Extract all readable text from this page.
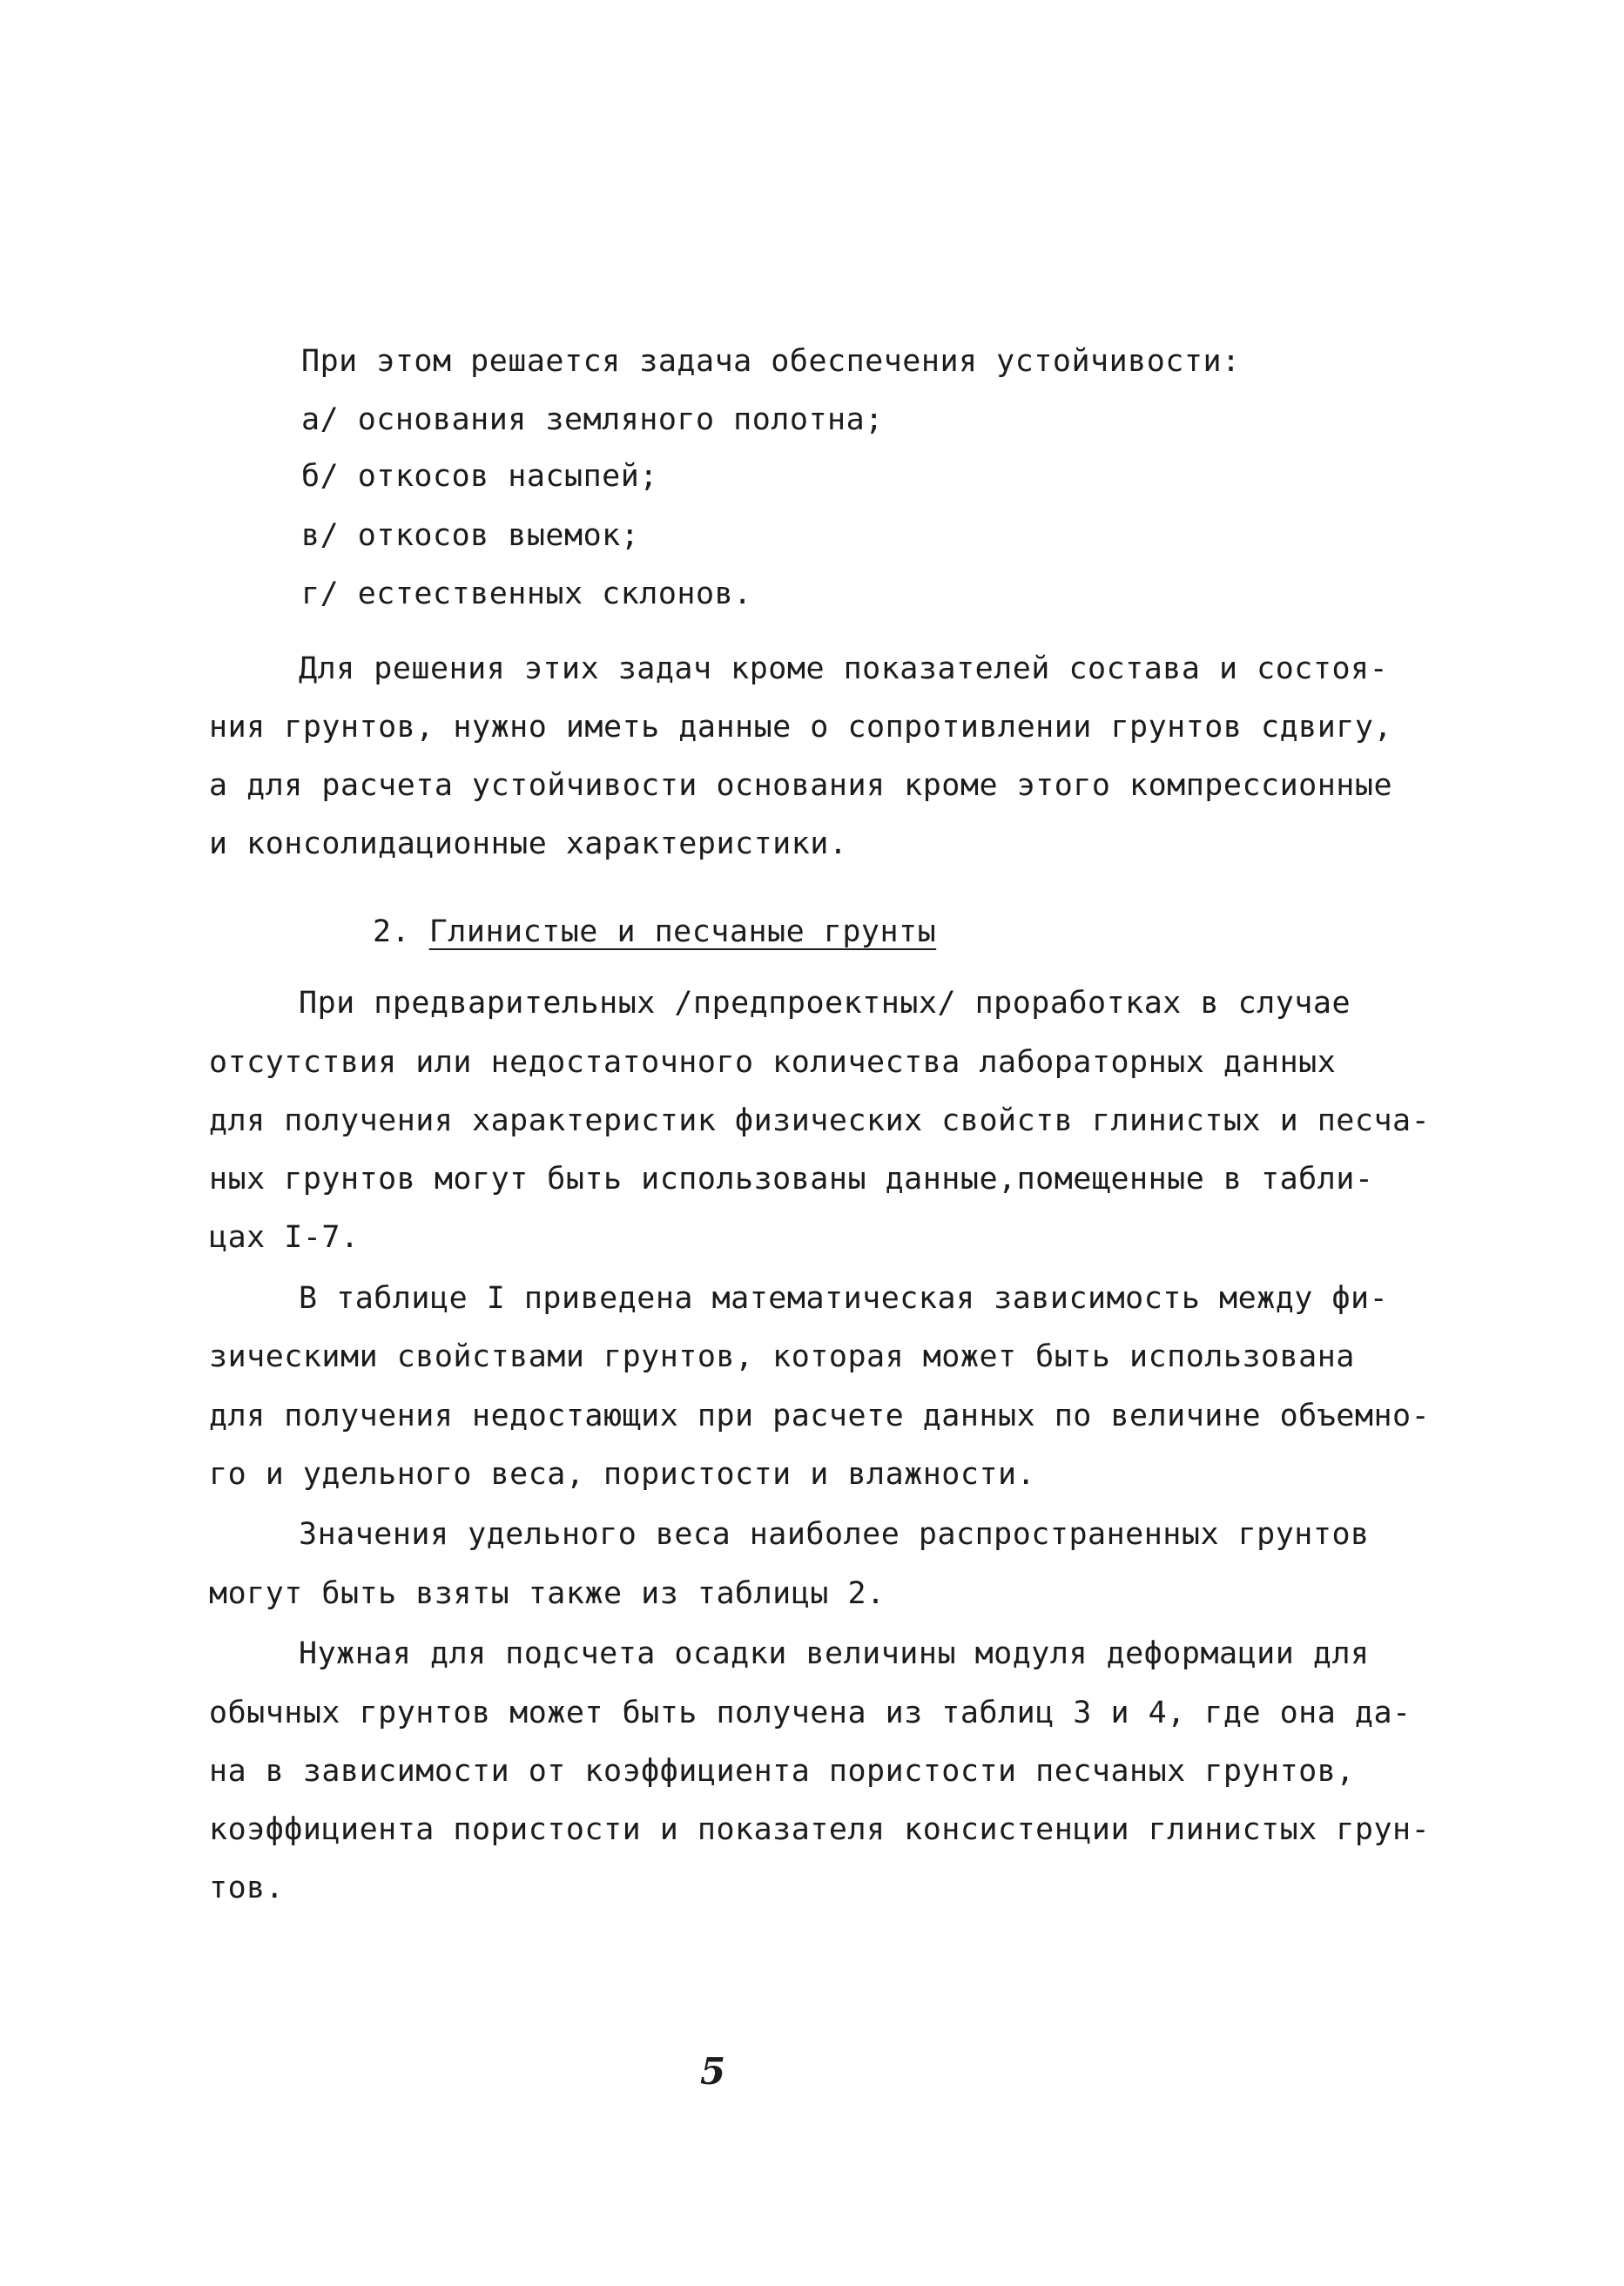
При этом решается задача обеспечения устойчивости:
а/ основания земляного полотна;
б/ откосов насыпей;
в/ откосов выемок;
г/ естественных склонов.
Для решения этих задач кроме показателей состава и состоя-
ния грунтов, нужно иметь данные о сопротивлении грунтов сдвигу,
а для расчета устойчивости основания кроме этого компрессионные
и консолидационные характеристики.
2. Глинистые и песчаные грунты
При предварительных /предпроектных/ проработках в случае
отсутствия или недостаточного количества лабораторных данных
для получения характеристик физических свойств глинистых и песча-
ных грунтов могут быть использованы данные,помещенные в табли-
цах I-7.
В таблице I приведена математическая зависимость между фи-
зическими свойствами грунтов, которая может быть использована
для получения недостающих при расчете данных по величине объемно-
го и удельного веса, пористости и влажности.
Значения удельного веса наиболее распространенных грунтов
могут быть взяты также из таблицы 2.
Нужная для подсчета осадки величины модуля деформации для
обычных грунтов может быть получена из таблиц 3 и 4, где она да-
на в зависимости от коэффициента пористости песчаных грунтов,
коэффициента пористости и показателя консистенции глинистых грун-
тов.
5
